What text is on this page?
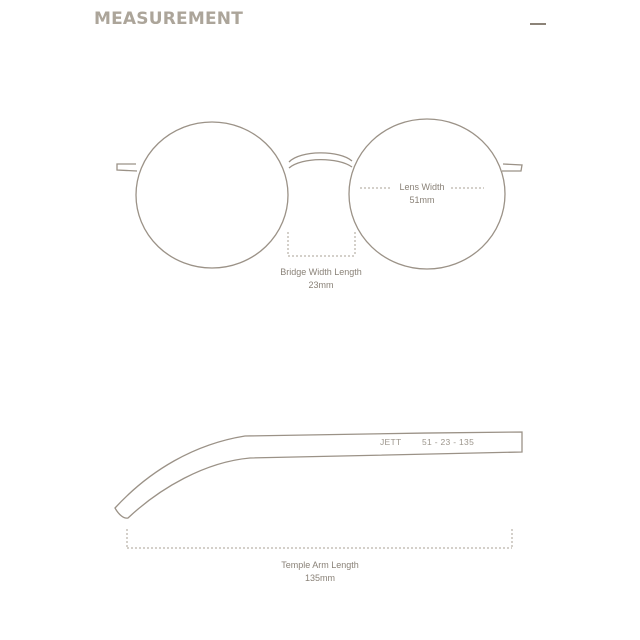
MEASUREMENT
Lens Width
51mm
Bridge Width Length
23mm
JETT 51 - 23 - 135
Temple Arm Length
135mm
